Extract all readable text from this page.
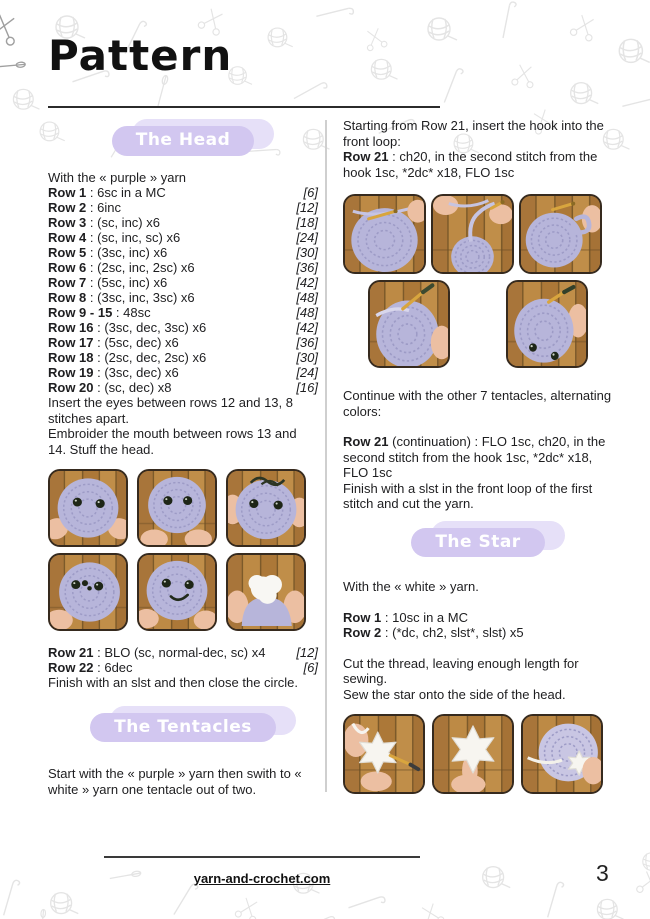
Pattern
The Head

With the « purple » yarn

Row 1 : 6sc in a MC	[6]
Row 2 : 6inc	[12]
Row 3 : (sc, inc) x6	[18]
Row 4 : (sc, inc, sc) x6	[24]
Row 5 : (3sc, inc) x6	[30]
Row 6 : (2sc, inc, 2sc) x6	[36]
Row 7 : (5sc, inc) x6	[42]
Row 8 : (3sc, inc, 3sc) x6	[48]
Row 9 - 15 : 48sc	[48]
Row 16 : (3sc, dec, 3sc) x6	[42]
Row 17 : (5sc, dec) x6	[36]
Row 18 : (2sc, dec, 2sc) x6	[30]
Row 19 : (3sc, dec) x6	[24]
Row 20 : (sc, dec) x8	[16]

Insert the eyes between rows 12 and 13, 8 stitches apart.

Embroider the mouth between rows 13 and 14. Stuff the head.

Row 21 : BLO (sc, normal-dec, sc) x4 [12]
Row 22 : 6dec	[6]

Finish with an slst and then close the circle.

The Tentacles

Start with the « purple » yarn then swith to « white » yarn one tentacle out of two.

Starting from Row 21, insert the hook into the front loop:

Row 21 : ch20, in the second stitch from the hook 1sc, *2dc* x18, FLO 1sc

Continue with the other 7 tentacles, alternating colors:

Row 21 (continuation) : FLO 1sc, ch20, in the second stitch from the hook 1sc, *2dc* x18, FLO 1sc

Finish with a slst in the front loop of the first stitch and cut the yarn.

The Star

With the « white » yarn.

Row 1 : 10sc in a MC

Row 2 : (*dc, ch2, slst*, slst) x5

Cut the thread, leaving enough length for sewing.

Sew the star onto the side of the head.

yarn-and-crochet.com	3
